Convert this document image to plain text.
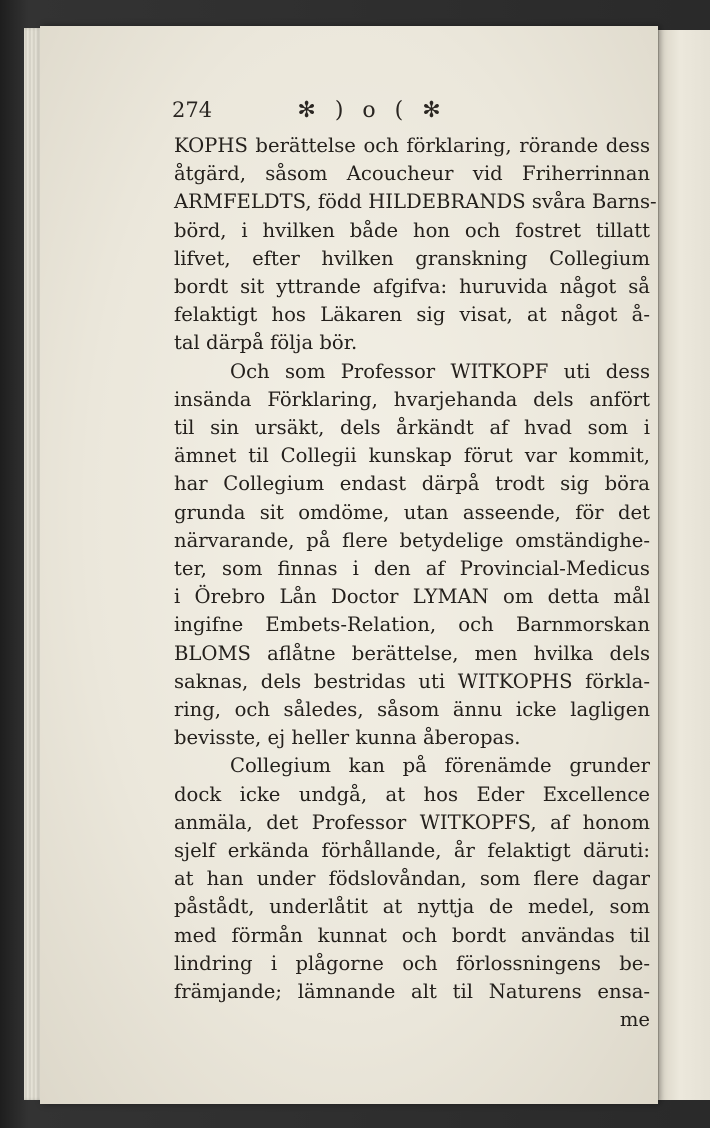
274	✻ ) o ( ✻
KOPHS berättelse och förklaring, rörande dess
åtgärd, såsom Acoucheur vid Friherrinnan
ARMFELDTS, född HILDEBRANDS svåra Barns-
börd, i hvilken både hon och fostret tillatt
lifvet, efter hvilken granskning Collegium
bordt sit yttrande afgifva: huruvida något så
felaktigt hos Läkaren sig visat, at något å-
tal därpå följa bör.
Och som Professor WITKOPF uti dess
insända Förklaring, hvarjehanda dels anfört
til sin ursäkt, dels årkändt af hvad som i
ämnet til Collegii kunskap förut var kommit,
har Collegium endast därpå trodt sig böra
grunda sit omdöme, utan asseende, för det
närvarande, på flere betydelige omständighe-
ter, som finnas i den af Provincial-Medicus
i Örebro Lån Doctor LYMAN om detta mål
ingifne Embets-Relation, och Barnmorskan
BLOMS aflåtne berättelse, men hvilka dels
saknas, dels bestridas uti WITKOPHS förkla-
ring, och således, såsom ännu icke lagligen
bevisste, ej heller kunna åberopas.
Collegium kan på förenämde grunder
dock icke undgå, at hos Eder Excellence
anmäla, det Professor WITKOPFS, af honom
sjelf erkända förhållande, år felaktigt däruti:
at han under födslovåndan, som flere dagar
påstådt, underlåtit at nyttja de medel, som
med förmån kunnat och bordt användas til
lindring i plågorne och förlossningens be-
främjande; lämnande alt til Naturens ensa-
me
